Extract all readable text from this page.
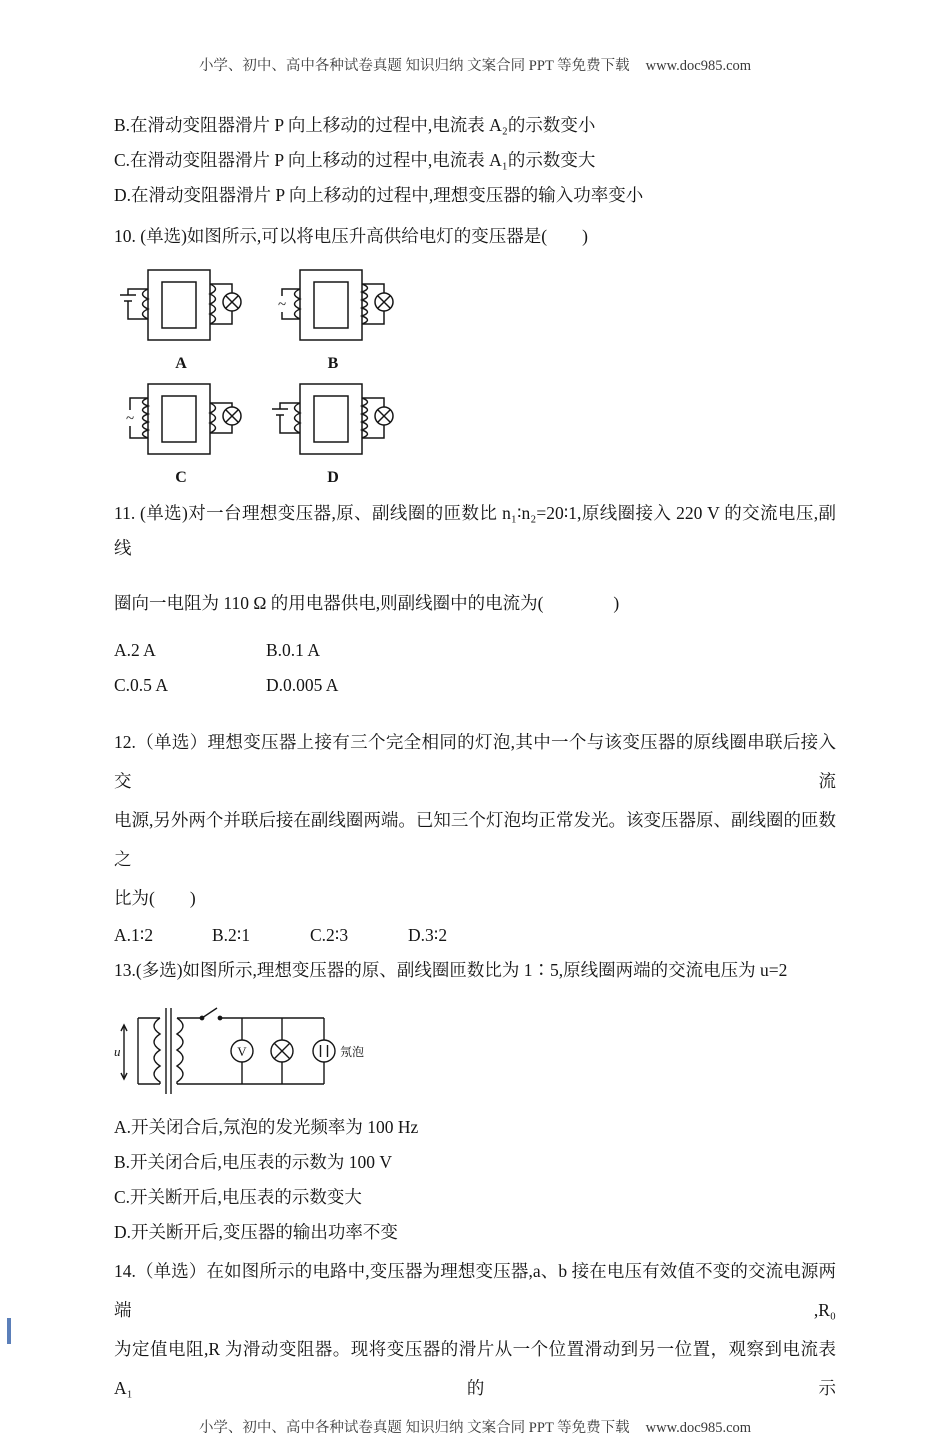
小学、初中、高中各种试卷真题 知识归纳 文案合同 PPT 等免费下载 www.doc985.com
B.在滑动变阻器滑片 P 向上移动的过程中,电流表 A₂的示数变小
C.在滑动变阻器滑片 P 向上移动的过程中,电流表 A₁的示数变大
D.在滑动变阻器滑片 P 向上移动的过程中,理想变压器的输入功率变小
10. (单选)如图所示,可以将电压升高供给电灯的变压器是(　　)
A
~
B
~
C	D
11. (单选)对一台理想变压器,原、副线圈的匝数比 n₁∶n₂=20∶1,原线圈接入 220 V 的交流电压,副线
圈向一电阻为 110 Ω 的用电器供电,则副线圈中的电流为(　　　　)
A.2 A	B.0.1 A
C.0.5 A	D.0.005 A
12.（单选）理想变压器上接有三个完全相同的灯泡,其中一个与该变压器的原线圈串联后接入交流
电源,另外两个并联后接在副线圈两端。已知三个灯泡均正常发光。该变压器原、副线圈的匝数之
比为(　　)
A.1∶2	B.2∶1	C.2∶3	D.3∶2
13.(多选)如图所示,理想变压器的原、副线圈匝数比为 1∶5,原线圈两端的交流电压为 u=2
u	V	氖泡
A.开关闭合后,氖泡的发光频率为 100 Hz
B.开关闭合后,电压表的示数为 100 V
C.开关断开后,电压表的示数变大
D.开关断开后,变压器的输出功率不变
14.（单选）在如图所示的电路中,变压器为理想变压器,a、b 接在电压有效值不变的交流电源两端,R₀
为定值电阻,R 为滑动变阻器。现将变压器的滑片从一个位置滑动到另一位置，观察到电流表 A₁的示
小学、初中、高中各种试卷真题 知识归纳 文案合同 PPT 等免费下载 www.doc985.com
